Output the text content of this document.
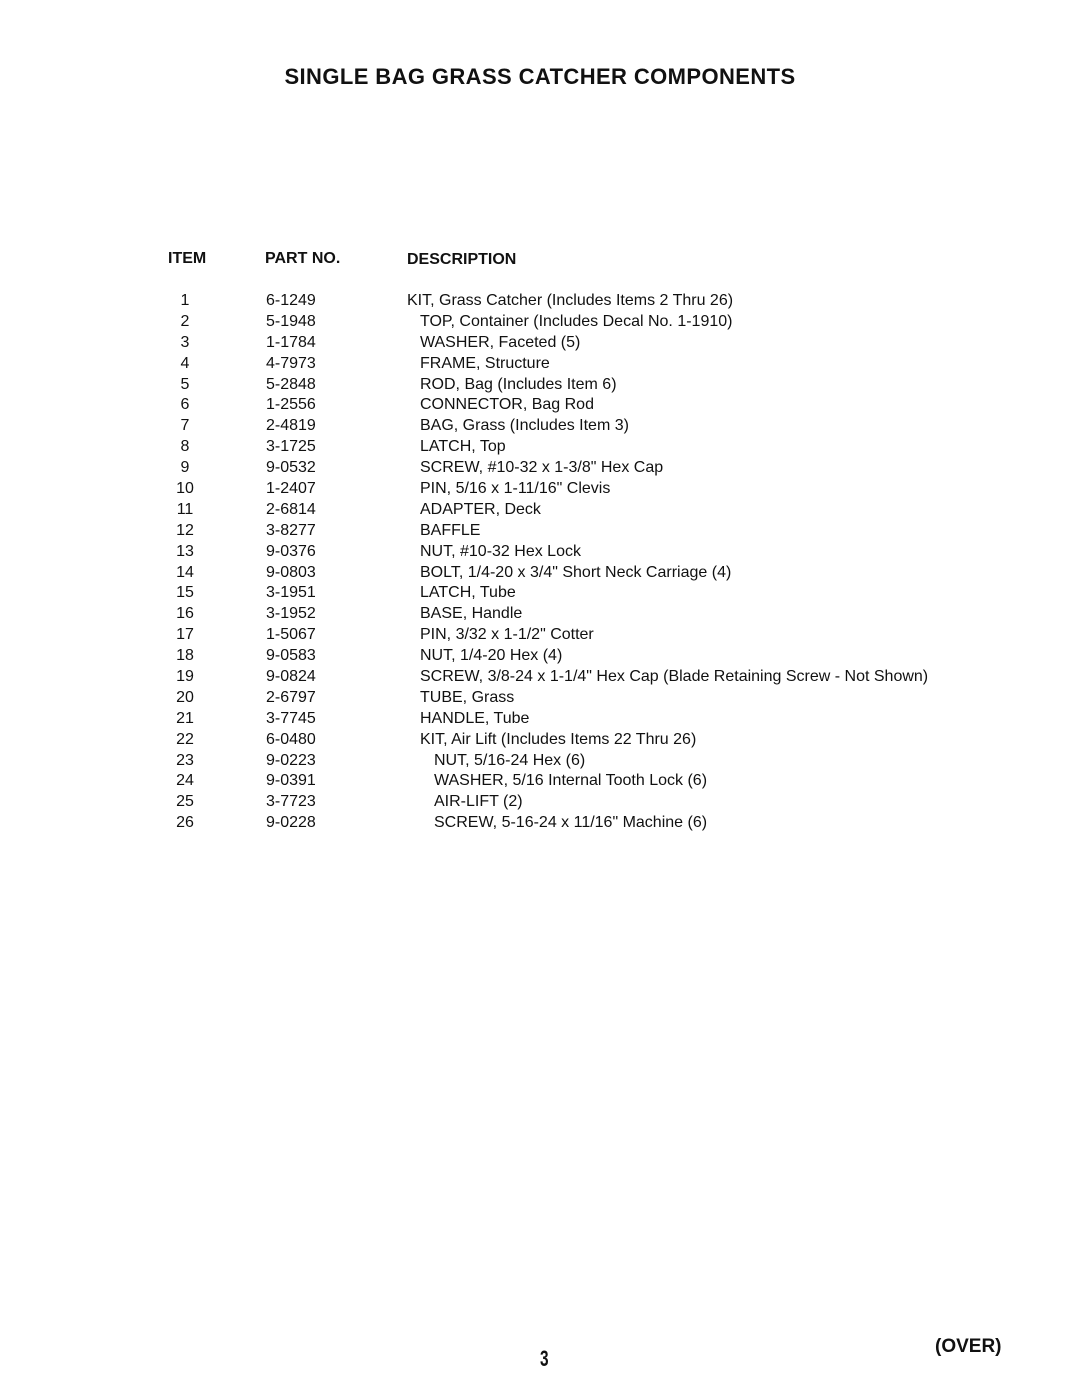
SINGLE BAG GRASS CATCHER COMPONENTS
ITEM	PART NO.	DESCRIPTION
1	6-1249	KIT, Grass Catcher (Includes Items 2 Thru 26)
2	5-1948	TOP, Container (Includes Decal No. 1-1910)
3	1-1784	WASHER, Faceted (5)
4	4-7973	FRAME, Structure
5	5-2848	ROD, Bag (Includes Item 6)
6	1-2556	CONNECTOR, Bag Rod
7	2-4819	BAG, Grass (Includes Item 3)
8	3-1725	LATCH, Top
9	9-0532	SCREW, #10-32 x 1-3/8" Hex Cap
10	1-2407	PIN, 5/16 x 1-11/16" Clevis
11	2-6814	ADAPTER, Deck
12	3-8277	BAFFLE
13	9-0376	NUT, #10-32 Hex Lock
14	9-0803	BOLT, 1/4-20 x 3/4" Short Neck Carriage (4)
15	3-1951	LATCH, Tube
16	3-1952	BASE, Handle
17	1-5067	PIN, 3/32 x 1-1/2" Cotter
18	9-0583	NUT, 1/4-20 Hex (4)
19	9-0824	SCREW, 3/8-24 x 1-1/4" Hex Cap (Blade Retaining Screw - Not Shown)
20	2-6797	TUBE, Grass
21	3-7745	HANDLE, Tube
22	6-0480	KIT, Air Lift (Includes Items 22 Thru 26)
23	9-0223	NUT, 5/16-24 Hex (6)
24	9-0391	WASHER, 5/16 Internal Tooth Lock (6)
25	3-7723	AIR-LIFT (2)
26	9-0228	SCREW, 5-16-24 x 11/16" Machine (6)
3	(OVER)
